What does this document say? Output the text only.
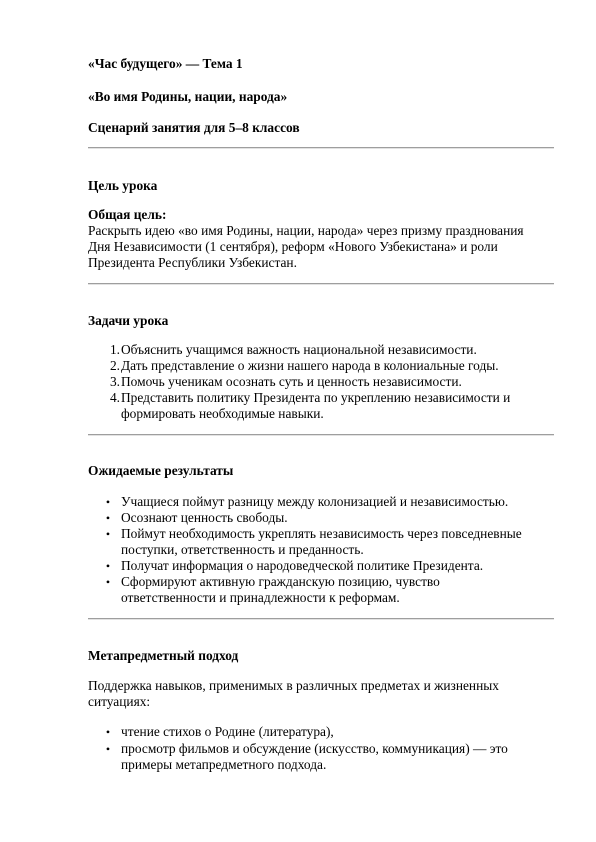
«Час будущего» — Тема 1
«Во имя Родины, нации, народа»
Сценарий занятия для 5–8 классов
Цель урока
Общая цель:
Раскрыть идею «во имя Родины, нации, народа» через призму празднования
Дня Независимости (1 сентября), реформ «Нового Узбекистана» и роли
Президента Республики Узбекистан.
Задачи урока
1. Объяснить учащимся важность национальной независимости.
2. Дать представление о жизни нашего народа в колониальные годы.
3. Помочь ученикам осознать суть и ценность независимости.
4. Представить политику Президента по укреплению независимости и
формировать необходимые навыки.
Ожидаемые результаты
• Учащиеся поймут разницу между колонизацией и независимостью.
• Осознают ценность свободы.
• Поймут необходимость укреплять независимость через повседневные
поступки, ответственность и преданность.
• Получат информация о народоведческой политике Президента.
• Сформируют активную гражданскую позицию, чувство
ответственности и принадлежности к реформам.
Метапредметный подход
Поддержка навыков, применимых в различных предметах и жизненных
ситуациях:
• чтение стихов о Родине (литература),
• просмотр фильмов и обсуждение (искусство, коммуникация) — это
примеры метапредметного подхода.
